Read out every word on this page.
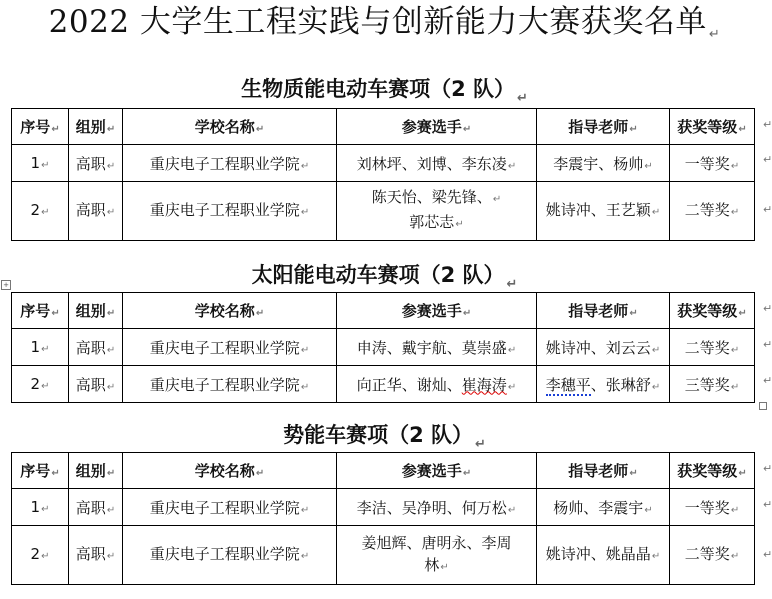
2022 大学生工程实践与创新能力大赛获奖名单 ↵
生物质能电动车赛项（2 队） $_↵$
序号↵	组别↵	学校名称↵	参赛选手↵	指导老师↵	获奖等级↵
1↵	高职↵	重庆电子工程职业学院↵	刘林坪、刘博、李东凌↵	李震宇、杨帅↵	一等奖↵
2↵	高职↵	重庆电子工程职业学院↵	陈天怡、梁先锋、↵
郭芯志↵	姚诗冲、王艺颖↵	二等奖↵
↵
↵
↵
+	太阳能电动车赛项（2 队） $_↵$
序号↵	组别↵	学校名称↵	参赛选手↵	指导老师↵	获奖等级↵
1↵	高职↵	重庆电子工程职业学院↵	申涛、戴宇航、莫崇盛↵	姚诗冲、刘云云↵	二等奖↵
2↵	高职↵	重庆电子工程职业学院↵	向正华、谢灿、崔海涛↵	李穗平、张琳舒↵	三等奖↵
↵
↵
↵
势能车赛项（2 队） $_↵$
序号↵	组别↵	学校名称↵	参赛选手↵	指导老师↵	获奖等级↵
1↵	高职↵	重庆电子工程职业学院↵	李洁、吴净明、何万松↵	杨帅、李震宇↵	一等奖↵
2↵	高职↵	重庆电子工程职业学院↵	姜旭辉、唐明永、李周
林↵	姚诗冲、姚晶晶↵	二等奖↵
↵
↵
↵
